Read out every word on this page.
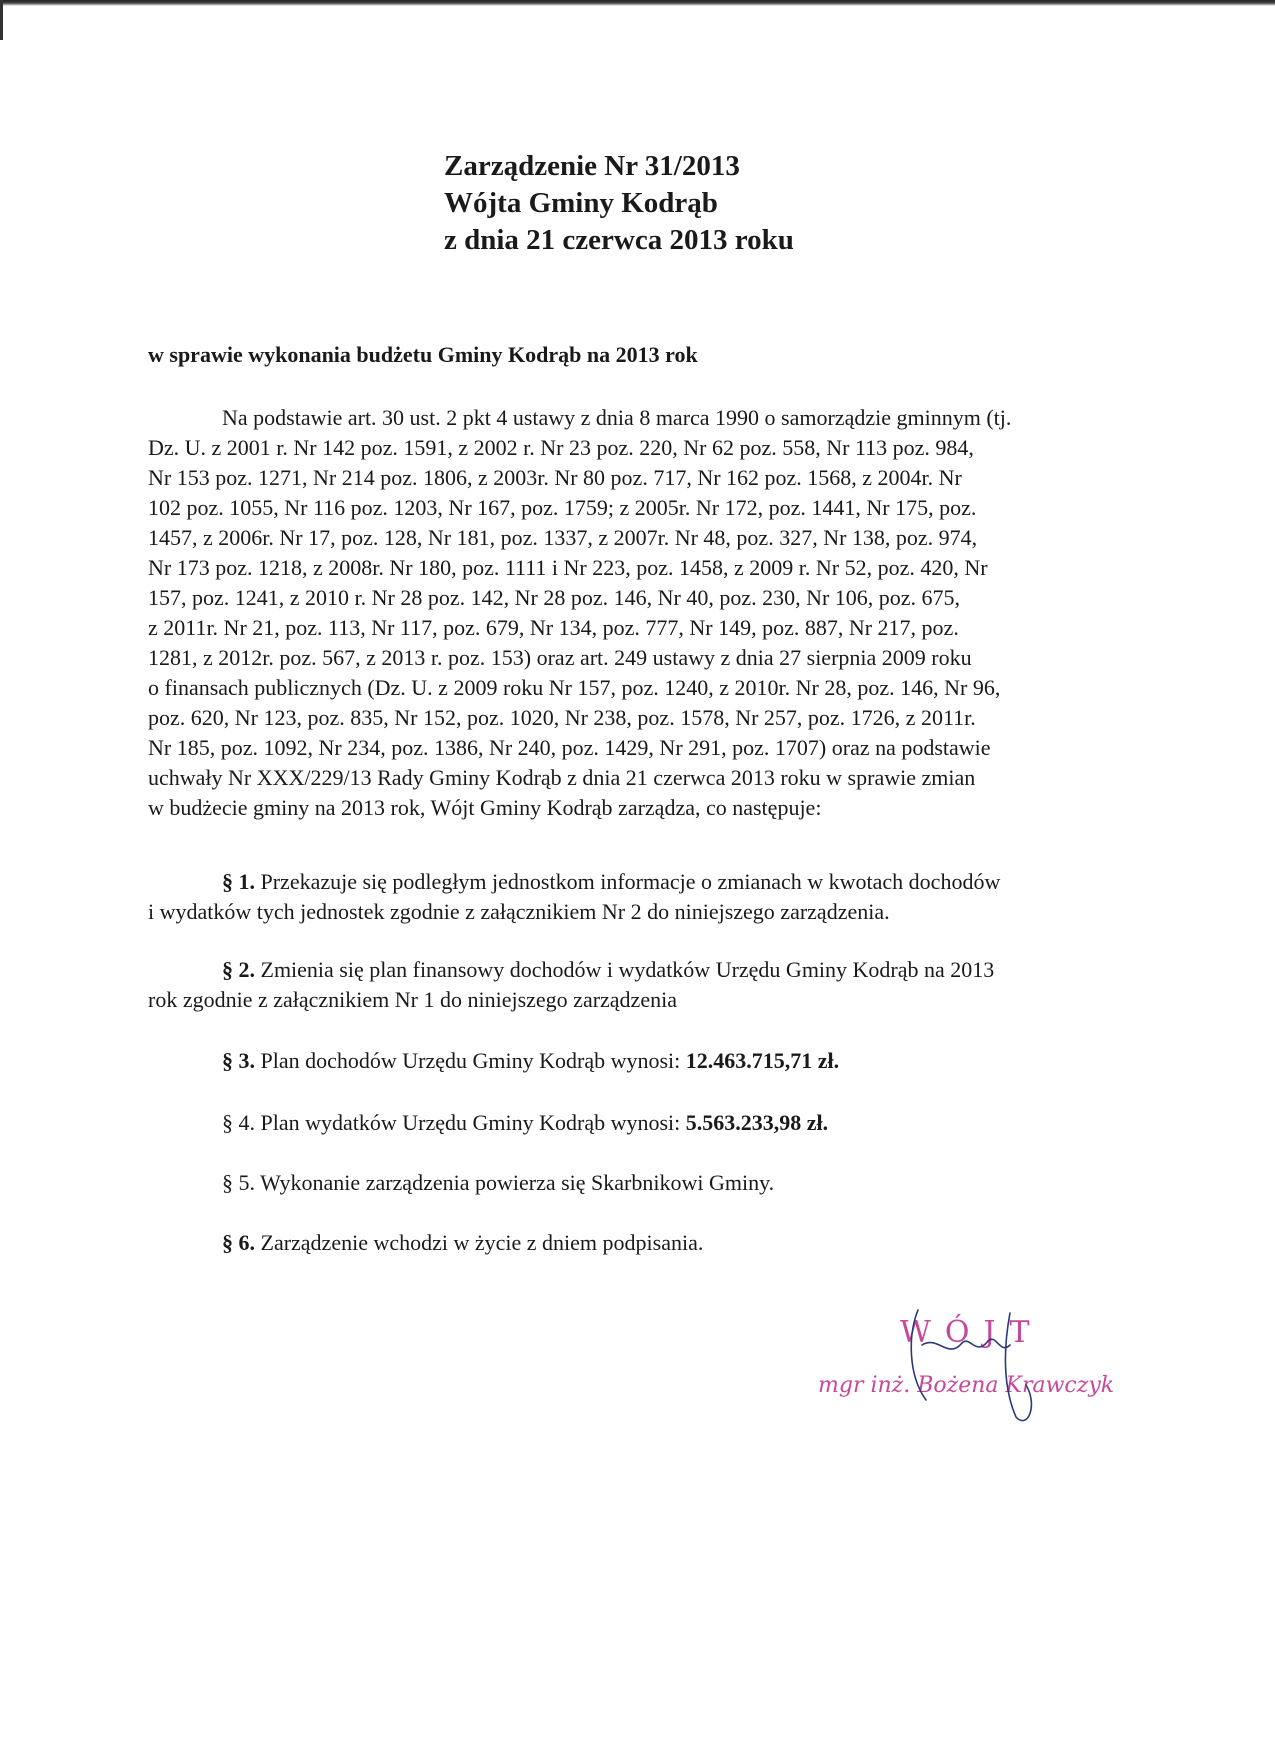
Zarządzenie Nr 31/2013
Wójta Gminy Kodrąb
z dnia 21 czerwca 2013 roku

w sprawie wykonania budżetu Gminy Kodrąb na 2013 rok

Na podstawie art. 30 ust. 2 pkt 4 ustawy z dnia 8 marca 1990 o samorządzie gminnym (tj.

Dz. U. z 2001 r. Nr 142 poz. 1591, z 2002 r. Nr 23 poz. 220, Nr 62 poz. 558, Nr 113 poz. 984,

Nr 153 poz. 1271, Nr 214 poz. 1806, z 2003r. Nr 80 poz. 717, Nr 162 poz. 1568, z 2004r. Nr

102 poz. 1055, Nr 116 poz. 1203, Nr 167, poz. 1759; z 2005r. Nr 172, poz. 1441, Nr 175, poz.

1457, z 2006r. Nr 17, poz. 128, Nr 181, poz. 1337, z 2007r. Nr 48, poz. 327, Nr 138, poz. 974,

Nr 173 poz. 1218, z 2008r. Nr 180, poz. 1111 i Nr 223, poz. 1458, z 2009 r. Nr 52, poz. 420, Nr

157, poz. 1241, z 2010 r. Nr 28 poz. 142, Nr 28 poz. 146, Nr 40, poz. 230, Nr 106, poz. 675,

z 2011r. Nr 21, poz. 113, Nr 117, poz. 679, Nr 134, poz. 777, Nr 149, poz. 887, Nr 217, poz.

1281, z 2012r. poz. 567, z 2013 r. poz. 153) oraz art. 249 ustawy z dnia 27 sierpnia 2009 roku

o finansach publicznych (Dz. U. z 2009 roku Nr 157, poz. 1240, z 2010r. Nr 28, poz. 146, Nr 96,

poz. 620, Nr 123, poz. 835, Nr 152, poz. 1020, Nr 238, poz. 1578, Nr 257, poz. 1726, z 2011r.

Nr 185, poz. 1092, Nr 234, poz. 1386, Nr 240, poz. 1429, Nr 291, poz. 1707) oraz na podstawie

uchwały Nr XXX/229/13 Rady Gminy Kodrąb z dnia 21 czerwca 2013 roku w sprawie zmian

w budżecie gminy na 2013 rok, Wójt Gminy Kodrąb zarządza, co następuje:

§ 1. Przekazuje się podległym jednostkom informacje o zmianach w kwotach dochodów

i wydatków tych jednostek zgodnie z załącznikiem Nr 2 do niniejszego zarządzenia.

§ 2. Zmienia się plan finansowy dochodów i wydatków Urzędu Gminy Kodrąb na 2013

rok zgodnie z załącznikiem Nr 1 do niniejszego zarządzenia

§ 3. Plan dochodów Urzędu Gminy Kodrąb wynosi: 12.463.715,71 zł.

§ 4. Plan wydatków Urzędu Gminy Kodrąb wynosi: 5.563.233,98 zł.

§ 5. Wykonanie zarządzenia powierza się Skarbnikowi Gminy.

§ 6. Zarządzenie wchodzi w życie z dniem podpisania.

WÓJT
mgr inż. Bożena Krawczyk
